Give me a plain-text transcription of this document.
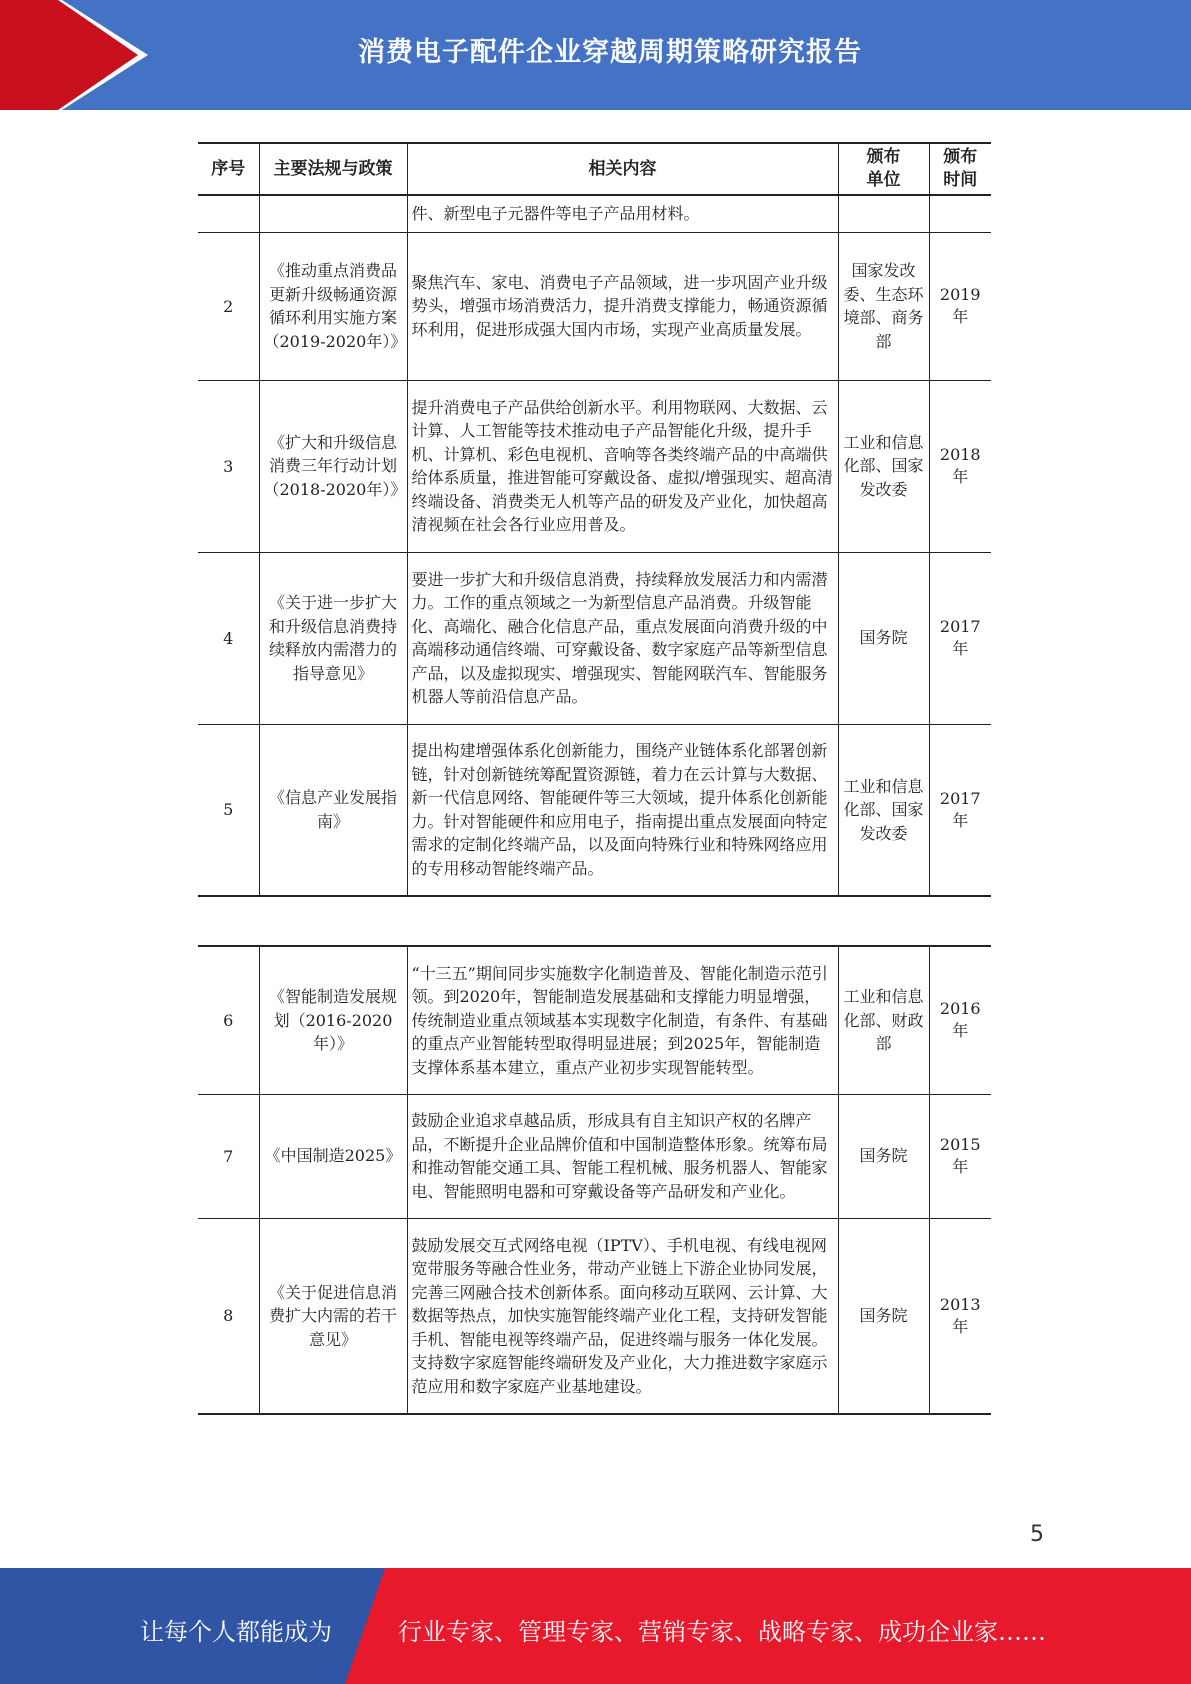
消费电子配件企业穿越周期策略研究报告
序号	主要法规与政策	相关内容	颁布单位	颁布时间
		件、新型电子元器件等电子产品用材料。		
2	《推动重点消费品更新升级畅通资源循环利用实施方案（2019-2020年）》	聚焦汽车、家电、消费电子产品领域，进一步巩固产业升级势头，增强市场消费活力，提升消费支撑能力，畅通资源循环利用，促进形成强大国内市场，实现产业高质量发展。	国家发改委、生态环境部、商务部	2019年
3	《扩大和升级信息消费三年行动计划（2018-2020年）》	提升消费电子产品供给创新水平。利用物联网、大数据、云计算、人工智能等技术推动电子产品智能化升级，提升手机、计算机、彩色电视机、音响等各类终端产品的中高端供给体系质量，推进智能可穿戴设备、虚拟/增强现实、超高清终端设备、消费类无人机等产品的研发及产业化，加快超高清视频在社会各行业应用普及。	工业和信息化部、国家发改委	2018年
4	《关于进一步扩大和升级信息消费持续释放内需潜力的指导意见》	要进一步扩大和升级信息消费，持续释放发展活力和内需潜力。工作的重点领域之一为新型信息产品消费。升级智能化、高端化、融合化信息产品，重点发展面向消费升级的中高端移动通信终端、可穿戴设备、数字家庭产品等新型信息产品，以及虚拟现实、增强现实、智能网联汽车、智能服务机器人等前沿信息产品。	国务院	2017年
5	《信息产业发展指南》	提出构建增强体系化创新能力，围绕产业链体系化部署创新链，针对创新链统筹配置资源链，着力在云计算与大数据、新一代信息网络、智能硬件等三大领域，提升体系化创新能力。针对智能硬件和应用电子，指南提出重点发展面向特定需求的定制化终端产品，以及面向特殊行业和特殊网络应用的专用移动智能终端产品。	工业和信息化部、国家发改委	2017年
6	《智能制造发展规划（2016-2020年）》	“十三五”期间同步实施数字化制造普及、智能化制造示范引领。到2020年，智能制造发展基础和支撑能力明显增强，传统制造业重点领域基本实现数字化制造，有条件、有基础的重点产业智能转型取得明显进展；到2025年，智能制造支撑体系基本建立，重点产业初步实现智能转型。	工业和信息化部、财政部	2016年
7	《中国制造2025》	鼓励企业追求卓越品质，形成具有自主知识产权的名牌产品，不断提升企业品牌价值和中国制造整体形象。统筹布局和推动智能交通工具、智能工程机械、服务机器人、智能家电、智能照明电器和可穿戴设备等产品研发和产业化。	国务院	2015年
8	《关于促进信息消费扩大内需的若干意见》	鼓励发展交互式网络电视（IPTV）、手机电视、有线电视网宽带服务等融合性业务，带动产业链上下游企业协同发展，完善三网融合技术创新体系。面向移动互联网、云计算、大数据等热点，加快实施智能终端产业化工程，支持研发智能手机、智能电视等终端产品，促进终端与服务一体化发展。支持数字家庭智能终端研发及产业化，大力推进数字家庭示范应用和数字家庭产业基地建设。	国务院	2013年
5
让每个人都能成为	行业专家、管理专家、营销专家、战略专家、成功企业家……
